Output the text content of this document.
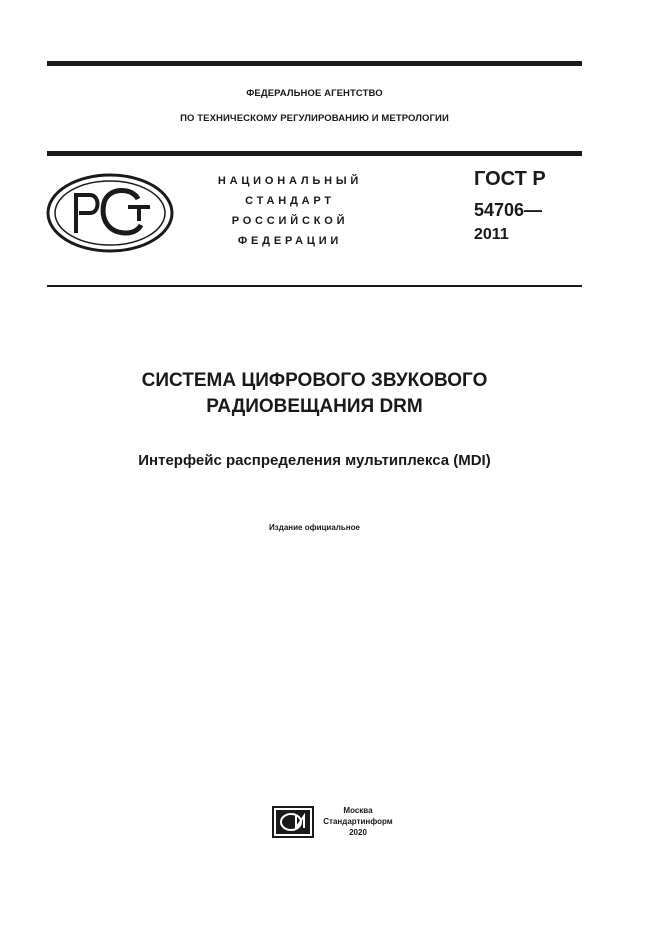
ФЕДЕРАЛЬНОЕ АГЕНТСТВО
ПО ТЕХНИЧЕСКОМУ РЕГУЛИРОВАНИЮ И МЕТРОЛОГИИ
НАЦИОНАЛЬНЫЙ
СТАНДАРТ
РОССИЙСКОЙ
ФЕДЕРАЦИИ
ГОСТ Р
54706—
2011
СИСТЕМА ЦИФРОВОГО ЗВУКОВОГО
РАДИОВЕЩАНИЯ DRM
Интерфейс распределения мультиплекса (MDI)
Издание официальное
Москва
Стандартинформ
2020
